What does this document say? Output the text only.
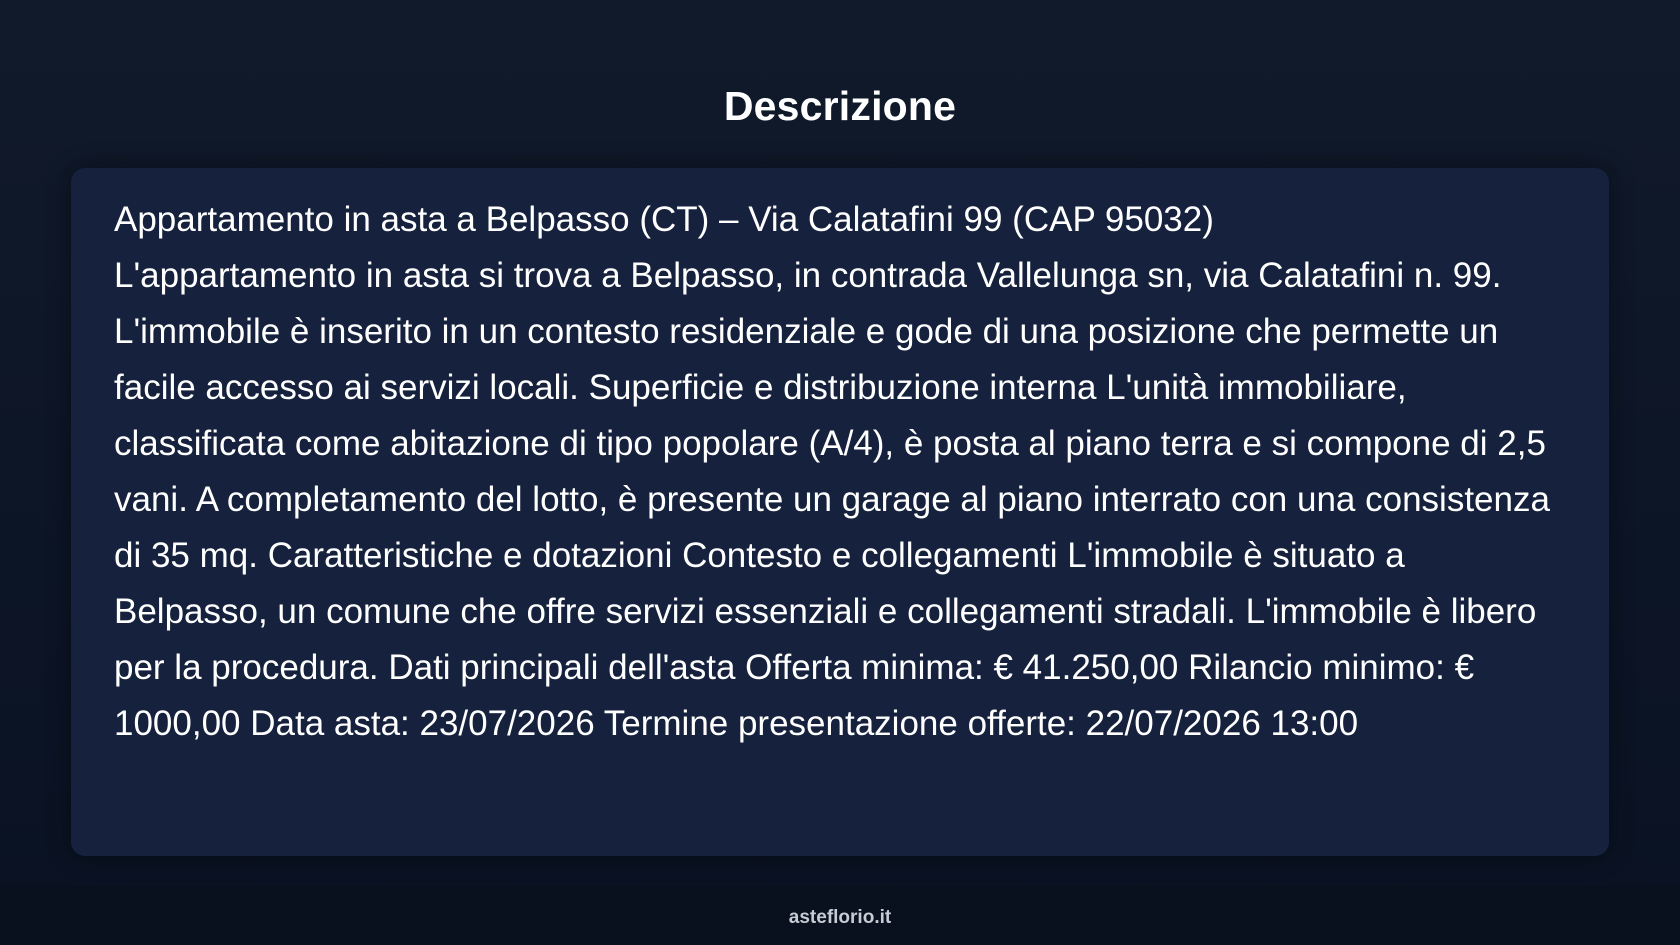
Descrizione

Appartamento in asta a Belpasso (CT) – Via Calatafini 99 (CAP 95032)

L'appartamento in asta si trova a Belpasso, in contrada Vallelunga sn, via Calatafini n. 99. L'immobile è inserito in un contesto residenziale e gode di una posizione che permette un facile accesso ai servizi locali. Superficie e distribuzione interna L'unità immobiliare, classificata come abitazione di tipo popolare (A/4), è posta al piano terra e si compone di 2,5 vani. A completamento del lotto, è presente un garage al piano interrato con una consistenza di 35 mq. Caratteristiche e dotazioni Contesto e collegamenti L'immobile è situato a Belpasso, un comune che offre servizi essenziali e collegamenti stradali. L'immobile è libero per la procedura. Dati principali dell'asta Offerta minima: € 41.250,00 Rilancio minimo: € 1000,00 Data asta: 23/07/2026 Termine presentazione offerte: 22/07/2026 13:00

asteflorio.it
